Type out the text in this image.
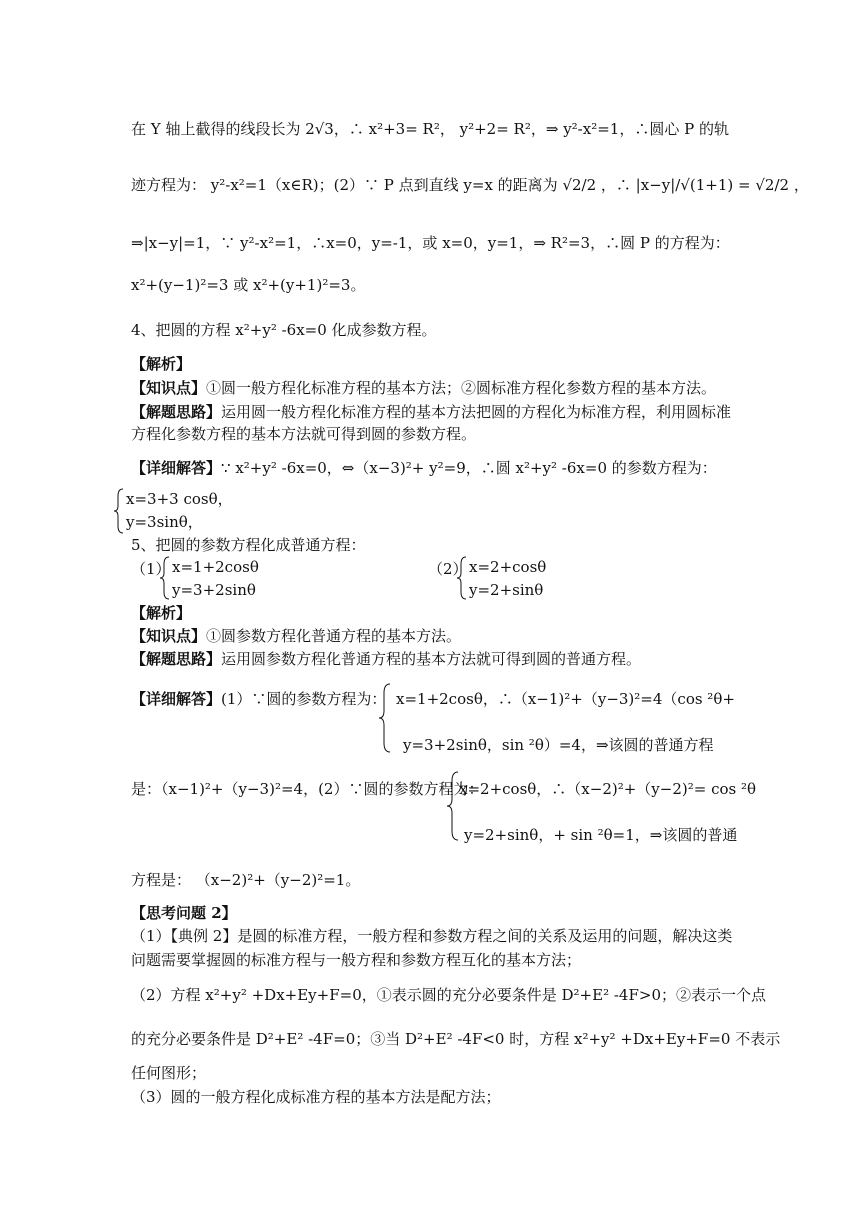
在 Y 轴上截得的线段长为 2√3，∴ x²+3= R²， y²+2= R²，⇒ y²-x²=1，∴圆心 P 的轨
迹方程为： y²-x²=1（x∈R)；(2）∵ P 点到直线 y=x 的距离为 √2/2 ，∴ |x−y|/√(1+1) = √2/2 ，
⇒|x−y|=1，∵ y²-x²=1，∴x=0，y=-1，或 x=0，y=1，⇒ R²=3，∴圆 P 的方程为：
x²+(y−1)²=3 或 x²+(y+1)²=3。
4、把圆的方程 x²+y² -6x=0 化成参数方程。
【解析】
【知识点】①圆一般方程化标准方程的基本方法；②圆标准方程化参数方程的基本方法。
【解题思路】运用圆一般方程化标准方程的基本方法把圆的方程化为标准方程，利用圆标准
方程化参数方程的基本方法就可得到圆的参数方程。
【详细解答】∵ x²+y² -6x=0，⇔（x−3)²+ y²=9，∴圆 x²+y² -6x=0 的参数方程为：
x=3+3 cosθ，
y=3sinθ，
5、把圆的参数方程化成普通方程：
（1） x=1+2cosθ
y=3+2sinθ
（2） x=2+cosθ
y=2+sinθ
【解析】
【知识点】①圆参数方程化普通方程的基本方法。
【解题思路】运用圆参数方程化普通方程的基本方法就可得到圆的普通方程。
【详细解答】(1）∵圆的参数方程为： x=1+2cosθ，∴（x−1)²+（y−3)²=4（cos ²θ+
y=3+2sinθ，sin ²θ）=4，⇒该圆的普通方程
是：（x−1)²+（y−3)²=4，(2）∵圆的参数方程为：
x=2+cosθ，∴（x−2)²+（y−2)²= cos ²θ
y=2+sinθ，+ sin ²θ=1，⇒该圆的普通
方程是： （x−2)²+（y−2)²=1。
【思考问题 2】
（1）【典例 2】是圆的标准方程，一般方程和参数方程之间的关系及运用的问题，解决这类
问题需要掌握圆的标准方程与一般方程和参数方程互化的基本方法；
（2）方程 x²+y² +Dx+Ey+F=0，①表示圆的充分必要条件是 D²+E² -4F>0；②表示一个点
的充分必要条件是 D²+E² -4F=0；③当 D²+E² -4F<0 时，方程 x²+y² +Dx+Ey+F=0 不表示
任何图形；
（3）圆的一般方程化成标准方程的基本方法是配方法；
